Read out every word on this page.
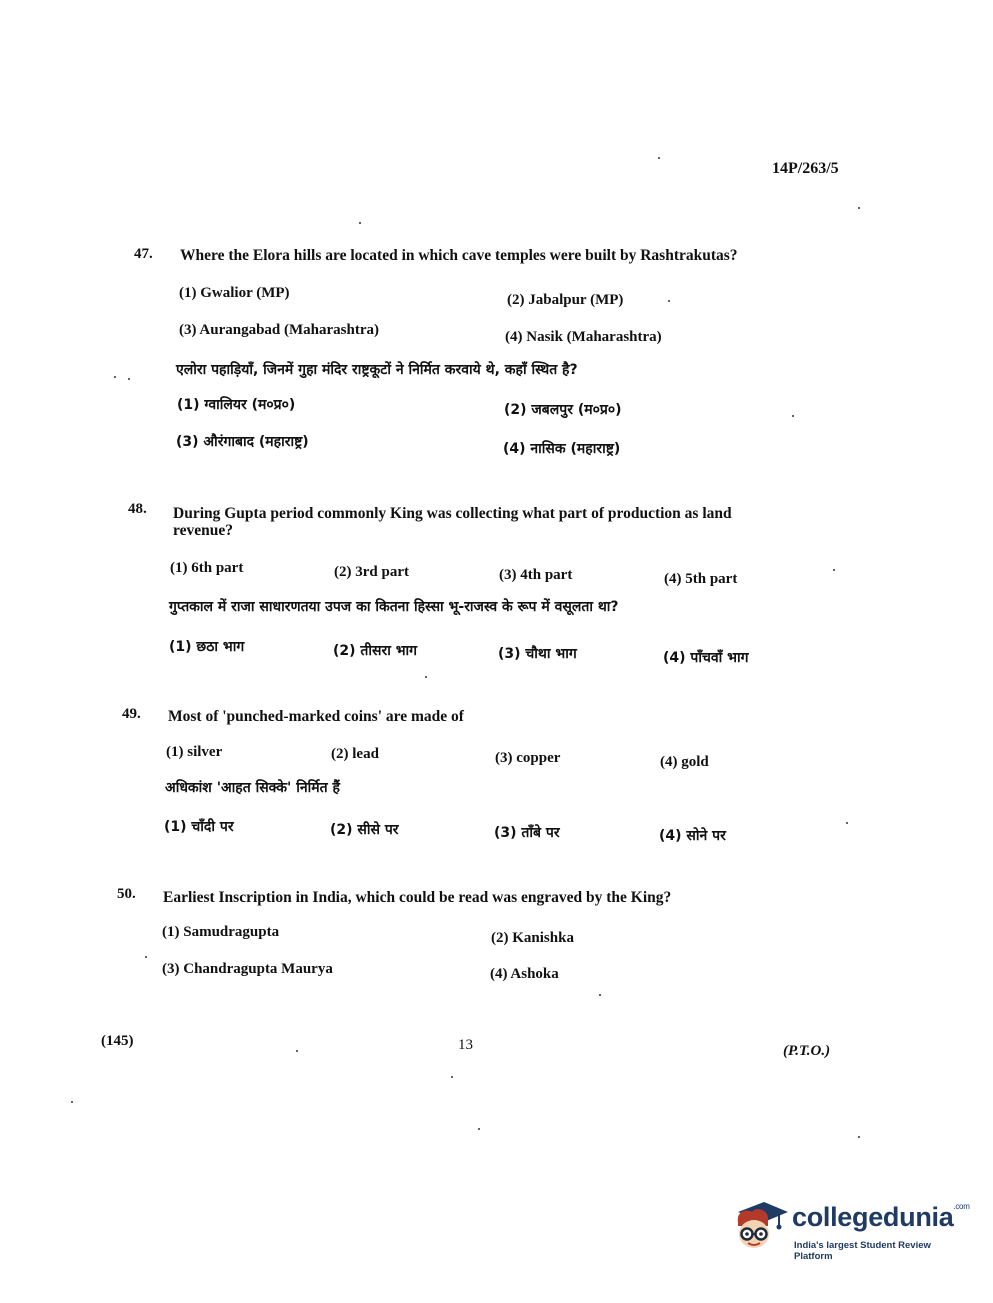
14P/263/5
47. Where the Elora hills are located in which cave temples were built by Rashtrakutas?
(1) Gwalior (MP)	(2) Jabalpur (MP)
(3) Aurangabad (Maharashtra)	(4) Nasik (Maharashtra)
एलोरा पहाड़ियाँ, जिनमें गुहा मंदिर राष्ट्रकूटों ने निर्मित करवाये थे, कहाँ स्थित है?
(1) ग्वालियर (म०प्र०)	(2) जबलपुर (म०प्र०)
(3) औरंगाबाद (महाराष्ट्र)	(4) नासिक (महाराष्ट्र)
48. During Gupta period commonly King was collecting what part of production as land
revenue?
(1) 6th part	(2) 3rd part	(3) 4th part	(4) 5th part
गुप्तकाल में राजा साधारणतया उपज का कितना हिस्सा भू-राजस्व के रूप में वसूलता था?
(1) छठा भाग	(2) तीसरा भाग	(3) चौथा भाग	(4) पाँचवाँ भाग
49. Most of 'punched-marked coins' are made of
(1) silver	(2) lead	(3) copper	(4) gold
अधिकांश 'आहत सिक्के' निर्मित हैं
(1) चाँदी पर	(2) सीसे पर	(3) ताँबे पर	(4) सोने पर
50. Earliest Inscription in India, which could be read was engraved by the King?
(1) Samudragupta	(2) Kanishka
(3) Chandragupta Maurya	(4) Ashoka
(145)	13	(P.T.O.)
collegedunia$^{.com}$
India's largest Student Review Platform
